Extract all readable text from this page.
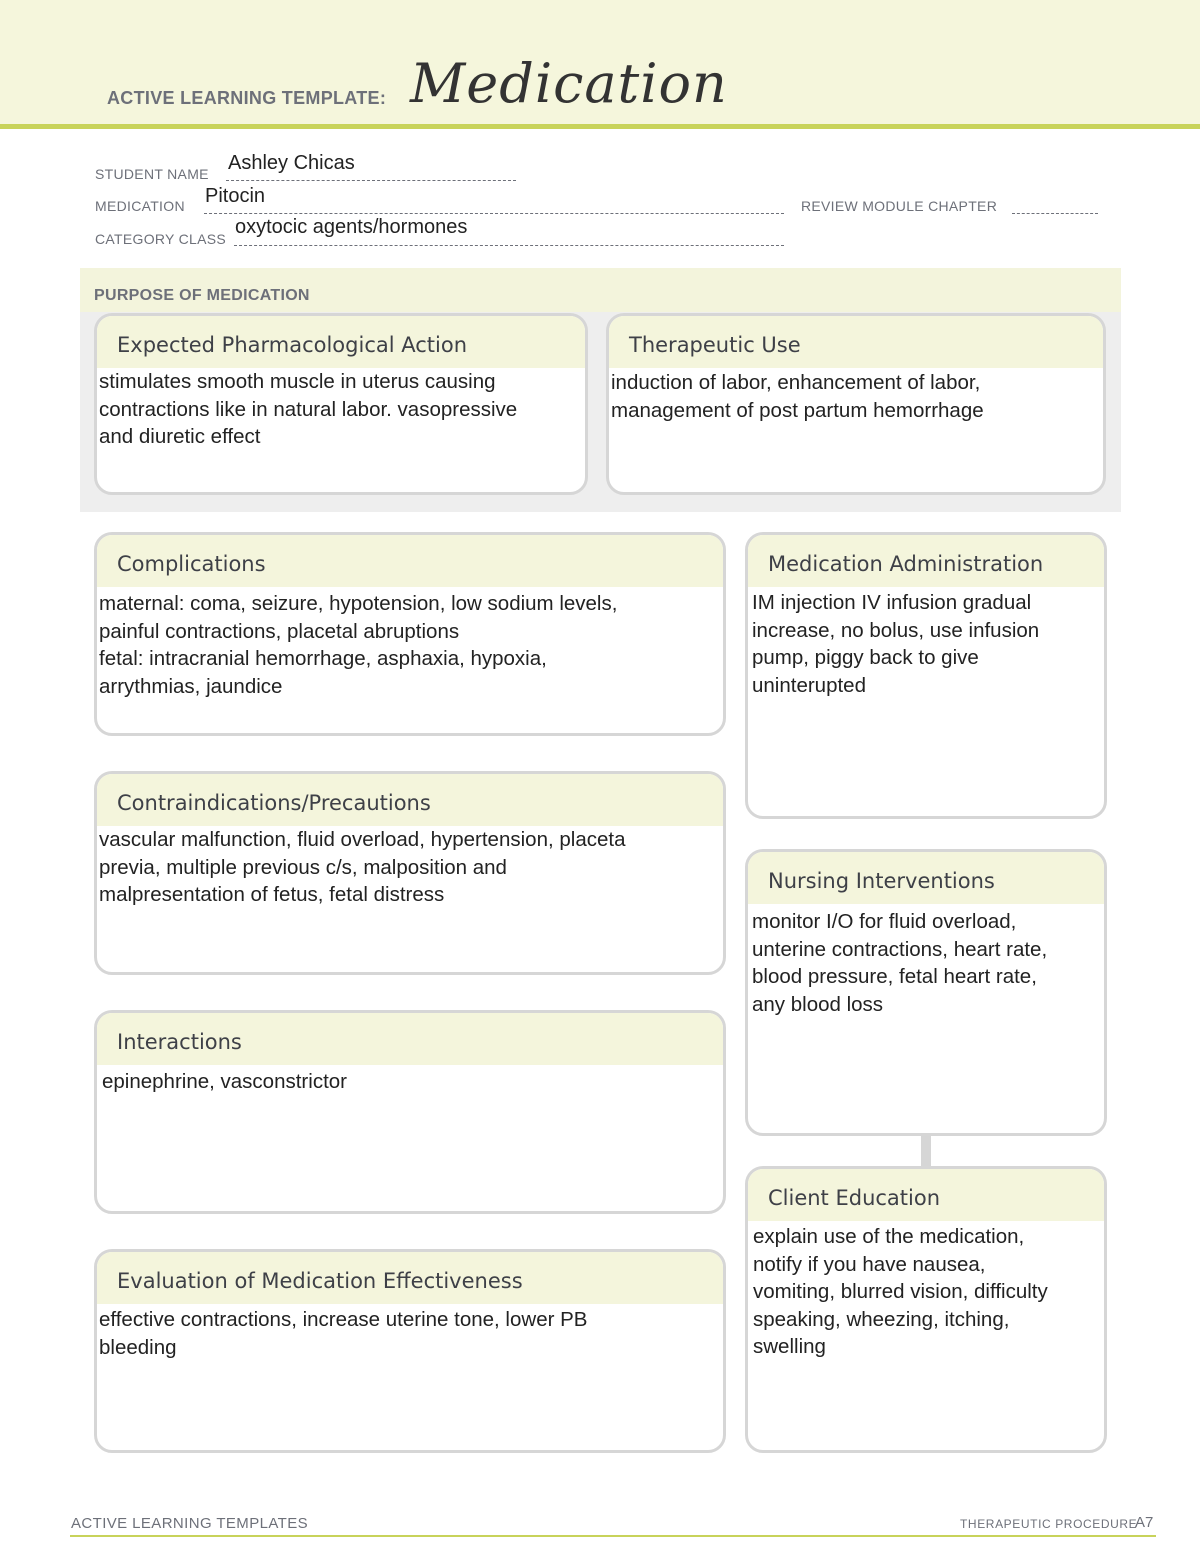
ACTIVE LEARNING TEMPLATE: Medication
STUDENT NAME Ashley Chicas
MEDICATION Pitocin	REVIEW MODULE CHAPTER
CATEGORY CLASS
oxytocic agents/hormones
PURPOSE OF MEDICATION
Expected Pharmacological Action
stimulates smooth muscle in uterus causing
contractions like in natural labor. vasopressive
and diuretic effect
Therapeutic Use
induction of labor, enhancement of labor,
management of post partum hemorrhage
Complications
maternal: coma, seizure, hypotension, low sodium levels,
painful contractions, placetal abruptions
fetal: intracranial hemorrhage, asphaxia, hypoxia,
arrythmias, jaundice
Contraindications/Precautions
vascular malfunction, fluid overload, hypertension, placeta
previa, multiple previous c/s, malposition and
malpresentation of fetus, fetal distress
Interactions
epinephrine, vasconstrictor
Evaluation of Medication Effectiveness
effective contractions, increase uterine tone, lower PB
bleeding
Medication Administration
IM injection IV infusion gradual
increase, no bolus, use infusion
pump, piggy back to give
uninterupted
Nursing Interventions
monitor I/O for fluid overload,
unterine contractions, heart rate,
blood pressure, fetal heart rate,
any blood loss
Client Education
explain use of the medication,
notify if you have nausea,
vomiting, blurred vision, difficulty
speaking, wheezing, itching,
swelling
ACTIVE LEARNING TEMPLATES	THERAPEUTIC PROCEDURE
A7
